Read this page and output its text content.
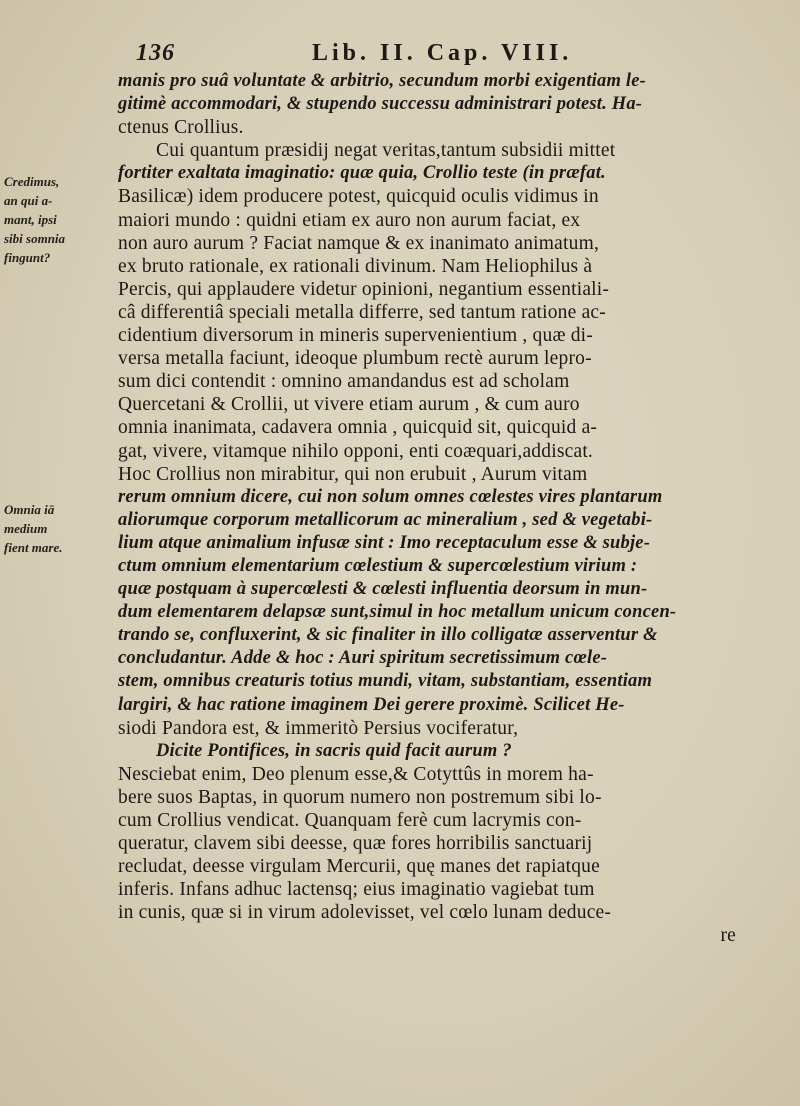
136	Lib. II. Cap. VIII.
Credimus,
an qui a-
mant, ipsi
sibi somnia
fingunt?
Omnia iā
medium
fient mare.
manis pro suâ voluntate & arbitrio, secundum morbi exigentiam le-
gitimè accommodari, & stupendo successu administrari potest. Ha-
ctenus Crollius.
Cui quantum præsidij negat veritas,tantum subsidii mittet
fortiter exaltata imaginatio: quæ quia, Crollio teste (in præfat.
Basilicæ) idem producere potest, quicquid oculis vidimus in
maiori mundo : quidni etiam ex auro non aurum faciat, ex
non auro aurum ? Faciat namque & ex inanimato animatum,
ex bruto rationale, ex rationali divinum. Nam Heliophilus à
Percis, qui applaudere videtur opinioni, negantium essentiali-
câ differentiâ speciali metalla differre, sed tantum ratione ac-
cidentium diversorum in mineris supervenientium , quæ di-
versa metalla faciunt, ideoque plumbum rectè aurum lepro-
sum dici contendit : omnino amandandus est ad scholam
Quercetani & Crollii, ut vivere etiam aurum , & cum auro
omnia inanimata, cadavera omnia , quicquid sit, quicquid a-
gat, vivere, vitamque nihilo opponi, enti coæquari,addiscat.
Hoc Crollius non mirabitur, qui non erubuit , Aurum vitam
rerum omnium dicere, cui non solum omnes cœlestes vires plantarum
aliorumque corporum metallicorum ac mineralium , sed & vegetabi-
lium atque animalium infusæ sint : Imo receptaculum esse & subje-
ctum omnium elementarium cœlestium & supercœlestium virium :
quæ postquam à supercœlesti & cœlesti influentia deorsum in mun-
dum elementarem delapsæ sunt,simul in hoc metallum unicum concen-
trando se, confluxerint, & sic finaliter in illo colligatæ asserventur &
concludantur. Adde & hoc : Auri spiritum secretissimum cœle-
stem, omnibus creaturis totius mundi, vitam, substantiam, essentiam
largiri, & hac ratione imaginem Dei gerere proximè. Scilicet He-
siodi Pandora est, & immeritò Persius vociferatur,
Dicite Pontifices, in sacris quid facit aurum ?
Nesciebat enim, Deo plenum esse,& Cotyttûs in morem ha-
bere suos Baptas, in quorum numero non postremum sibi lo-
cum Crollius vendicat. Quanquam ferè cum lacrymis con-
queratur, clavem sibi deesse, quæ fores horribilis sanctuarij
recludat, deesse virgulam Mercurii, quę manes det rapiatque
inferis. Infans adhuc lactensq; eius imaginatio vagiebat tum
in cunis, quæ si in virum adolevisset, vel cœlo lunam deduce-
re
